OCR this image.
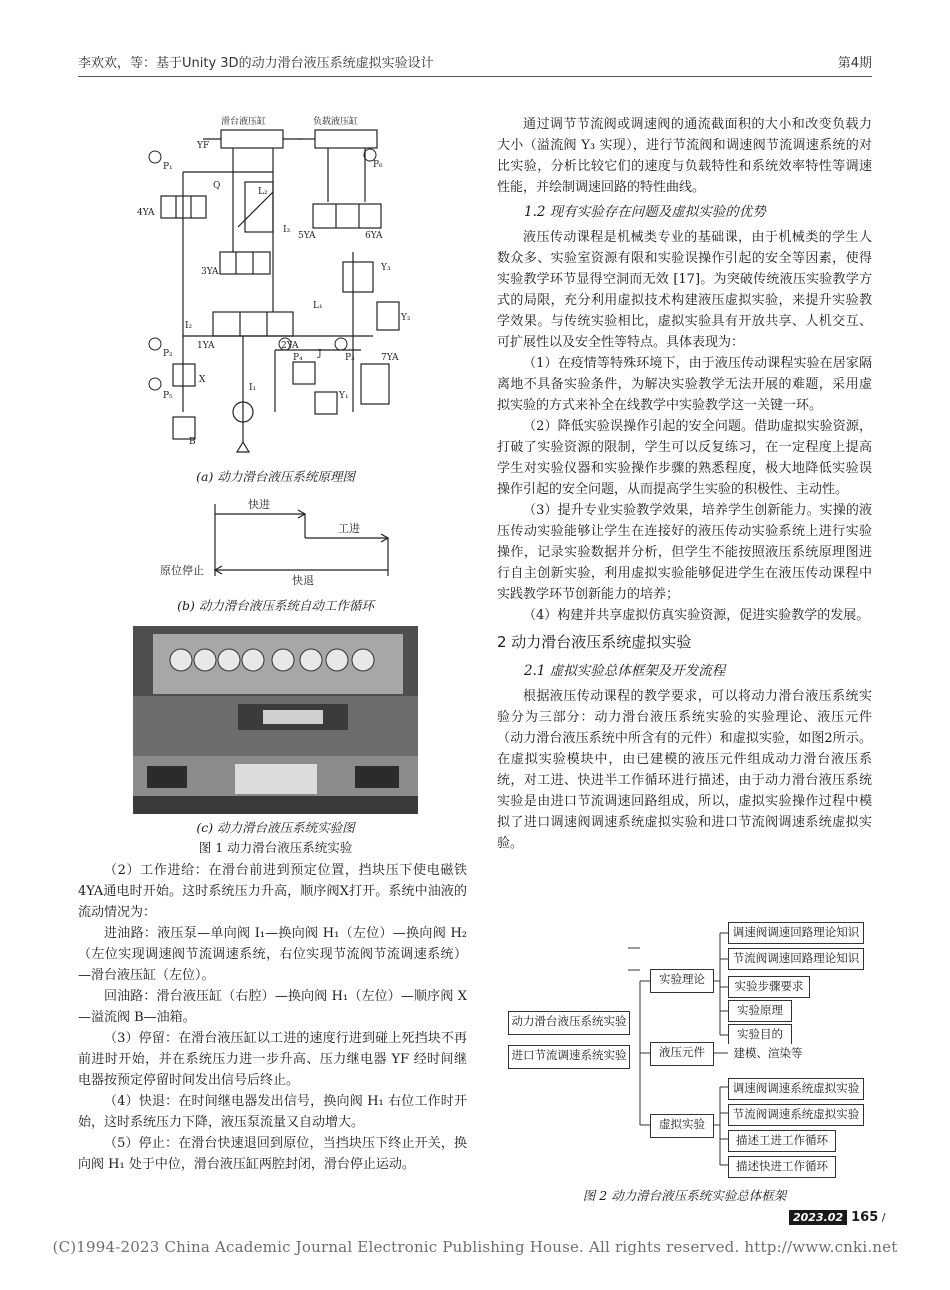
李欢欢，等：基于Unity 3D的动力滑台液压系统虚拟实验设计	第4期
滑台液压缸	负载液压缸
YF
P₁	P₆
4YA
Q
L₂
I₃
3YA
5YA	6YA
Y₃
L₁
Y₂
I₂
1YA	2YA
P₂	P₄ J	P₃	7YA
X
I₁
Y₁
P₅
B
(a) 动力滑台液压系统原理图
快进
工进
原位停止
快退
(b) 动力滑台液压系统自动工作循环
(c) 动力滑台液压系统实验图
图 1 动力滑台液压系统实验

（2）工作进给：在滑台前进到预定位置，挡块压下使电磁铁4YA通电时开始。这时系统压力升高，顺序阀X打开。系统中油液的流动情况为：

进油路：液压泵—单向阀 I₁—换向阀 H₁（左位）—换向阀 H₂（左位实现调速阀节流调速系统，右位实现节流阀节流调速系统）—滑台液压缸（左位）。

回油路：滑台液压缸（右腔）—换向阀 H₁（左位）—顺序阀 X—溢流阀 B—油箱。

（3）停留：在滑台液压缸以工进的速度行进到碰上死挡块不再前进时开始，并在系统压力进一步升高、压力继电器 YF 经时间继电器按预定停留时间发出信号后终止。

（4）快退：在时间继电器发出信号，换向阀 H₁ 右位工作时开始，这时系统压力下降，液压泵流量又自动增大。

（5）停止：在滑台快速退回到原位，当挡块压下终止开关，换向阀 H₁ 处于中位，滑台液压缸两腔封闭，滑台停止运动。

通过调节节流阀或调速阀的通流截面积的大小和改变负载力大小（溢流阀 Y₃ 实现），进行节流阀和调速阀节流调速系统的对比实验，分析比较它们的速度与负载特性和系统效率特性等调速性能，并绘制调速回路的特性曲线。

1.2 现有实验存在问题及虚拟实验的优势

液压传动课程是机械类专业的基础课，由于机械类的学生人数众多、实验室资源有限和实验误操作引起的安全等因素，使得实验教学环节显得空洞而无效 [17]。为突破传统液压实验教学方式的局限，充分利用虚拟技术构建液压虚拟实验，来提升实验教学效果。与传统实验相比，虚拟实验具有开放共享、人机交互、可扩展性以及安全性等特点。具体表现为：

（1）在疫情等特殊环境下，由于液压传动课程实验在居家隔离地不具备实验条件，为解决实验教学无法开展的难题，采用虚拟实验的方式来补全在线教学中实验教学这一关键一环。

（2）降低实验误操作引起的安全问题。借助虚拟实验资源，打破了实验资源的限制，学生可以反复练习，在一定程度上提高学生对实验仪器和实验操作步骤的熟悉程度，极大地降低实验误操作引起的安全问题，从而提高学生实验的积极性、主动性。

（3）提升专业实验教学效果，培养学生创新能力。实操的液压传动实验能够让学生在连接好的液压传动实验系统上进行实验操作，记录实验数据并分析，但学生不能按照液压系统原理图进行自主创新实验，利用虚拟实验能够促进学生在液压传动课程中实践教学环节创新能力的培养；

（4）构建并共享虚拟仿真实验资源，促进实验教学的发展。

2 动力滑台液压系统虚拟实验
2.1 虚拟实验总体框架及开发流程

根据液压传动课程的教学要求，可以将动力滑台液压系统实验分为三部分：动力滑台液压系统实验的实验理论、液压元件（动力滑台液压系统中所含有的元件）和虚拟实验，如图2所示。在虚拟实验模块中，由已建模的液压元件组成动力滑台液压系统，对工进、快进半工作循环进行描述，由于动力滑台液压系统实验是由进口节流调速回路组成，所以，虚拟实验操作过程中模拟了进口调速阀调速系统虚拟实验和进口节流阀调速系统虚拟实验。

动力滑台液压系统实验
进口节流调速系统实验
实验理论
液压元件
虚拟实验
调速阀调速回路理论知识
节流阀调速回路理论知识
实验步骤要求
实验原理
实验目的
建模、渲染等
调速阀调速系统虚拟实验
节流阀调速系统虚拟实验
描述工进工作循环
描述快进工作循环
图 2 动力滑台液压系统实验总体框架
2023.02 165 /
(C)1994-2023 China Academic Journal Electronic Publishing House. All rights reserved. http://www.cnki.net
